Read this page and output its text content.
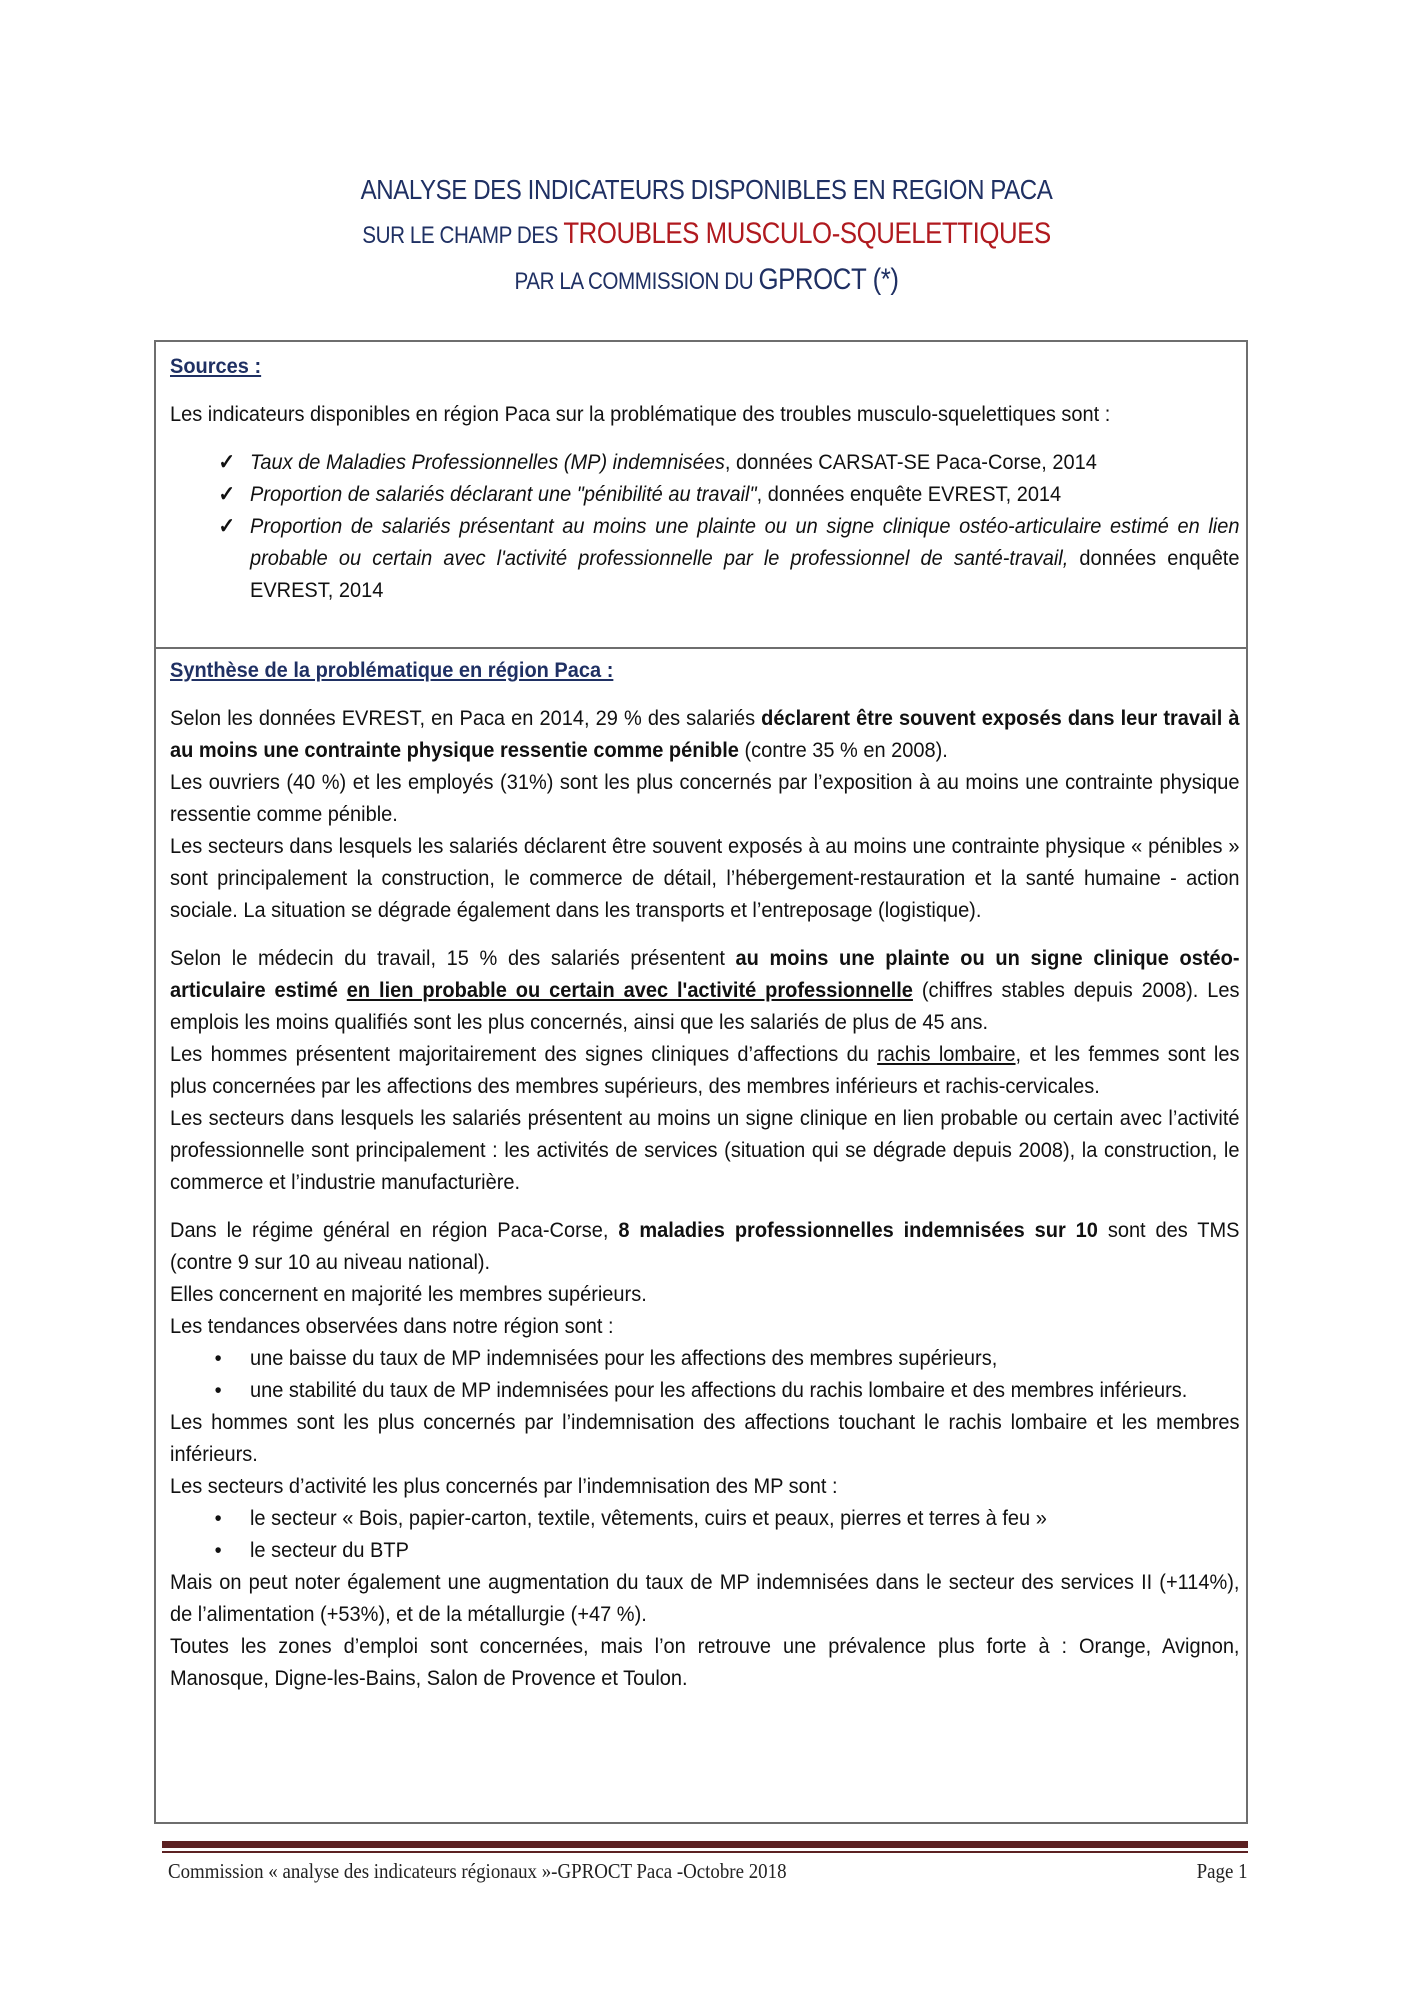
ANALYSE DES INDICATEURS DISPONIBLES EN REGION PACA
SUR LE CHAMP DES TROUBLES MUSCULO-SQUELETTIQUES
PAR LA COMMISSION DU GPROCT (*)
Sources :

Les indicateurs disponibles en région Paca sur la problématique des troubles musculo-squelettiques sont :

✓ Taux de Maladies Professionnelles (MP) indemnisées, données CARSAT-SE Paca-Corse, 2014
✓ Proportion de salariés déclarant une "pénibilité au travail", données enquête EVREST, 2014
✓ Proportion de salariés présentant au moins une plainte ou un signe clinique ostéo-articulaire estimé en lien probable ou certain avec l'activité professionnelle par le professionnel de santé-travail, données enquête EVREST, 2014
Synthèse de la problématique en région Paca :

Selon les données EVREST, en Paca en 2014, 29 % des salariés déclarent être souvent exposés dans leur travail à au moins une contrainte physique ressentie comme pénible (contre 35 % en 2008).

Les ouvriers (40 %) et les employés (31%) sont les plus concernés par l’exposition à au moins une contrainte physique ressentie comme pénible.

Les secteurs dans lesquels les salariés déclarent être souvent exposés à au moins une contrainte physique « pénibles » sont principalement la construction, le commerce de détail, l’hébergement-restauration et la santé humaine - action sociale. La situation se dégrade également dans les transports et l’entreposage (logistique).

Selon le médecin du travail, 15 % des salariés présentent au moins une plainte ou un signe clinique ostéo-articulaire estimé en lien probable ou certain avec l'activité professionnelle (chiffres stables depuis 2008). Les emplois les moins qualifiés sont les plus concernés, ainsi que les salariés de plus de 45 ans.

Les hommes présentent majoritairement des signes cliniques d’affections du rachis lombaire, et les femmes sont les plus concernées par les affections des membres supérieurs, des membres inférieurs et rachis-cervicales.

Les secteurs dans lesquels les salariés présentent au moins un signe clinique en lien probable ou certain avec l’activité professionnelle sont principalement : les activités de services (situation qui se dégrade depuis 2008), la construction, le commerce et l’industrie manufacturière.

Dans le régime général en région Paca-Corse, 8 maladies professionnelles indemnisées sur 10 sont des TMS (contre 9 sur 10 au niveau national).

Elles concernent en majorité les membres supérieurs.

Les tendances observées dans notre région sont :

• une baisse du taux de MP indemnisées pour les affections des membres supérieurs,
• une stabilité du taux de MP indemnisées pour les affections du rachis lombaire et des membres inférieurs.

Les hommes sont les plus concernés par l’indemnisation des affections touchant le rachis lombaire et les membres inférieurs.

Les secteurs d’activité les plus concernés par l’indemnisation des MP sont :

• le secteur « Bois, papier-carton, textile, vêtements, cuirs et peaux, pierres et terres à feu »
• le secteur du BTP

Mais on peut noter également une augmentation du taux de MP indemnisées dans le secteur des services II (+114%), de l’alimentation (+53%), et de la métallurgie (+47 %).

Toutes les zones d’emploi sont concernées, mais l’on retrouve une prévalence plus forte à : Orange, Avignon, Manosque, Digne-les-Bains, Salon de Provence et Toulon.

Commission « analyse des indicateurs régionaux »-GPROCT Paca -Octobre 2018	Page 1
